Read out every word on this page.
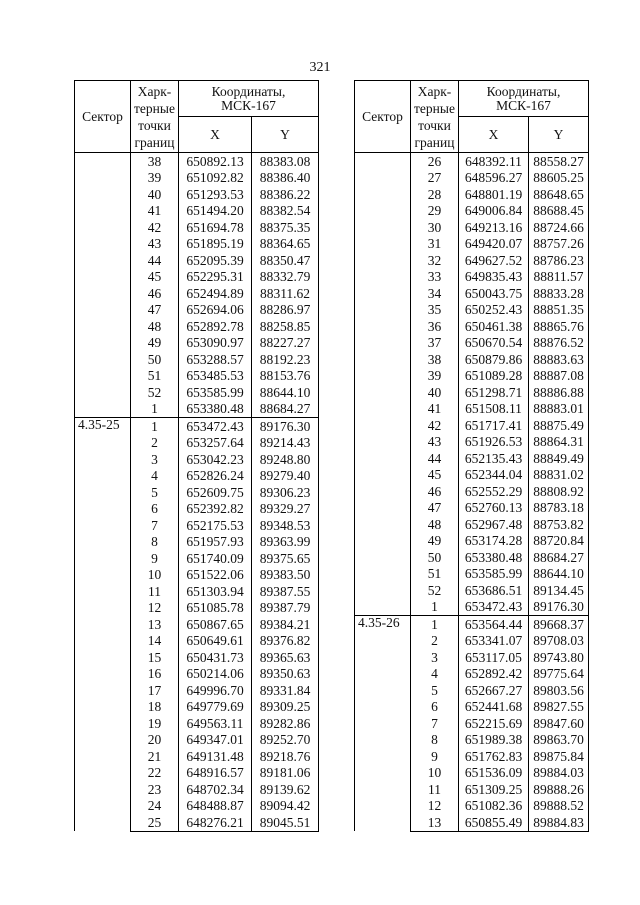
321
Сектор	Харк-
терные
точки
границ	Координаты,
МСК-167	
		X	Y
	38	650892.13	88383.08
	39	651092.82	88386.40
	40	651293.53	88386.22
	41	651494.20	88382.54
	42	651694.78	88375.35
	43	651895.19	88364.65
	44	652095.39	88350.47
	45	652295.31	88332.79
	46	652494.89	88311.62
	47	652694.06	88286.97
	48	652892.78	88258.85
	49	653090.97	88227.27
	50	653288.57	88192.23
	51	653485.53	88153.76
	52	653585.99	88644.10
	1	653380.48	88684.27
4.35-25	1	653472.43	89176.30
	2	653257.64	89214.43
	3	653042.23	89248.80
	4	652826.24	89279.40
	5	652609.75	89306.23
	6	652392.82	89329.27
	7	652175.53	89348.53
	8	651957.93	89363.99
	9	651740.09	89375.65
	10	651522.06	89383.50
	11	651303.94	89387.55
	12	651085.78	89387.79
	13	650867.65	89384.21
	14	650649.61	89376.82
	15	650431.73	89365.63
	16	650214.06	89350.63
	17	649996.70	89331.84
	18	649779.69	89309.25
	19	649563.11	89282.86
	20	649347.01	89252.70
	21	649131.48	89218.76
	22	648916.57	89181.06
	23	648702.34	89139.62
	24	648488.87	89094.42
	25	648276.21	89045.51
Сектор	Харк-
терные
точки
границ	Координаты,
МСК-167	
		X	Y
	26	648392.11	88558.27
	27	648596.27	88605.25
	28	648801.19	88648.65
	29	649006.84	88688.45
	30	649213.16	88724.66
	31	649420.07	88757.26
	32	649627.52	88786.23
	33	649835.43	88811.57
	34	650043.75	88833.28
	35	650252.43	88851.35
	36	650461.38	88865.76
	37	650670.54	88876.52
	38	650879.86	88883.63
	39	651089.28	88887.08
	40	651298.71	88886.88
	41	651508.11	88883.01
	42	651717.41	88875.49
	43	651926.53	88864.31
	44	652135.43	88849.49
	45	652344.04	88831.02
	46	652552.29	88808.92
	47	652760.13	88783.18
	48	652967.48	88753.82
	49	653174.28	88720.84
	50	653380.48	88684.27
	51	653585.99	88644.10
	52	653686.51	89134.45
	1	653472.43	89176.30
4.35-26	1	653564.44	89668.37
	2	653341.07	89708.03
	3	653117.05	89743.80
	4	652892.42	89775.64
	5	652667.27	89803.56
	6	652441.68	89827.55
	7	652215.69	89847.60
	8	651989.38	89863.70
	9	651762.83	89875.84
	10	651536.09	89884.03
	11	651309.25	89888.26
	12	651082.36	89888.52
	13	650855.49	89884.83
